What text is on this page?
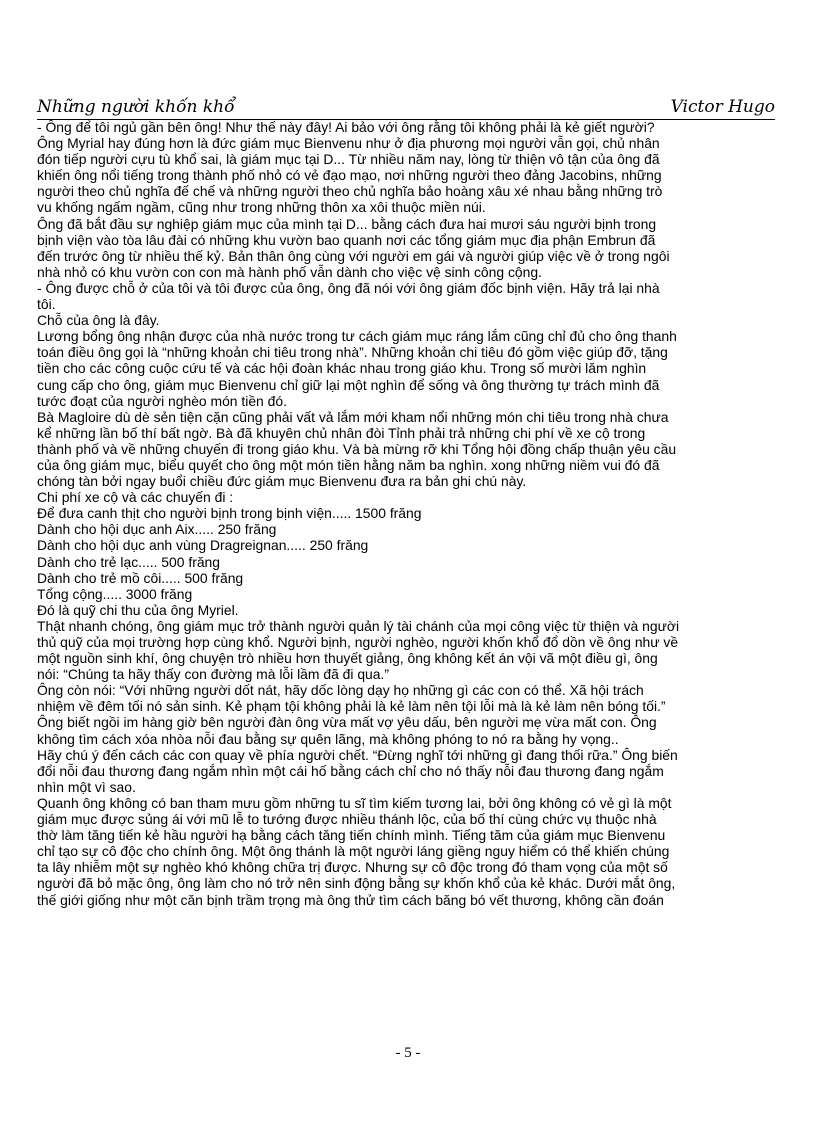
Những người khốn khổ	Victor Hugo

- Ông để tôi ngủ gần bên ông! Như thế này đây! Ai bảo với ông rằng tôi không phải là kẻ giết người?

Ông Myrial hay đúng hơn là đức giám mục Bienvenu như ở địa phương mọi người vẫn gọi, chủ nhân
đón tiếp người cựu tù khổ sai, là giám mục tại D... Từ nhiều năm nay, lòng từ thiện vô tận của ông đã
khiến ông nổi tiếng trong thành phố nhỏ có vẻ đạo mạo, nơi những người theo đảng Jacobins, những
người theo chủ nghĩa đế chế và những người theo chủ nghĩa bảo hoàng xâu xé nhau bằng những trò
vu khống ngấm ngầm, cũng như trong những thôn xa xôi thuộc miền núi.

Ông đã bắt đầu sự nghiệp giám mục của mình tại D... bằng cách đưa hai mươi sáu người bịnh trong
bịnh viện vào tòa lâu đài có những khu vườn bao quanh nơi các tổng giám mục địa phận Embrun đã
đến trước ông từ nhiều thế kỷ. Bản thân ông cùng với người em gái và người giúp việc về ở trong ngôi
nhà nhỏ có khu vườn con con mà hành phố vẫn dành cho việc vệ sinh công cộng.

- Ông được chỗ ở của tôi và tôi được của ông, ông đã nói với ông giám đốc bịnh viện. Hãy trả lại nhà
tôi.

Chỗ của ông là đây.

Lương bổng ông nhận được của nhà nước trong tư cách giám mục ráng lắm cũng chỉ đủ cho ông thanh
toán điều ông gọi là “những khoản chi tiêu trong nhà”. Những khoản chi tiêu đó gồm việc giúp đỡ, tặng
tiền cho các công cuộc cứu tế và các hội đoàn khác nhau trong giáo khu. Trong số mười lăm nghìn
cung cấp cho ông, giám mục Bienvenu chỉ giữ lại một nghìn để sống và ông thường tự trách mình đã
tước đoạt của người nghèo món tiền đó.

Bà Magloire dù dè sẻn tiện cặn cũng phải vất vả lắm mới kham nổi những món chi tiêu trong nhà chưa
kể những lần bố thí bất ngờ. Bà đã khuyên chủ nhân đòi Tỉnh phải trả những chi phí về xe cộ trong
thành phố và về những chuyến đi trong giáo khu. Và bà mừng rỡ khi Tổng hội đồng chấp thuận yêu cầu
của ông giám mục, biểu quyết cho ông một món tiền hằng năm ba nghìn. xong những niềm vui đó đã
chóng tàn bởi ngay buổi chiều đức giám mục Bienvenu đưa ra bản ghi chú này.

Chi phí xe cộ và các chuyến đi :

Để đưa canh thịt cho người bịnh trong bịnh viện..... 1500 frăng

Dành cho hội dục anh Aix..... 250 frăng

Dành cho hội dục anh vùng Dragreignan..... 250 frăng

Dành cho trẻ lạc..... 500 frăng

Dành cho trẻ mồ côi..... 500 frăng

Tổng cộng..... 3000 frăng

Đó là quỹ chi thu của ông Myriel.

Thật nhanh chóng, ông giám mục trở thành người quản lý tài chánh của mọi công việc từ thiện và người
thủ quỹ của mọi trường hợp cùng khổ. Người bịnh, người nghèo, người khốn khổ đổ dồn về ông như về
một nguồn sinh khí, ông chuyện trò nhiều hơn thuyết giảng, ông không kết án vội vã một điều gì, ông
nói: “Chúng ta hãy thấy con đường mà lỗi lầm đã đi qua.”

Ông còn nói: “Với những người dốt nát, hãy dốc lòng dạy họ những gì các con có thể. Xã hội trách
nhiệm về đêm tối nó sản sinh. Kẻ phạm tội không phải là kẻ làm nên tội lỗi mà là kẻ làm nên bóng tối.”
Ông biết ngồi im hàng giờ bên người đàn ông vừa mất vợ yêu dấu, bên người mẹ vừa mất con. Ông
không tìm cách xóa nhòa nỗi đau bằng sự quên lãng, mà không phóng to nó ra bằng hy vọng..

Hãy chú ý đến cách các con quay về phía người chết. “Đừng nghĩ tới những gì đang thối rữa.” Ông biến
đổi nỗi đau thương đang ngắm nhìn một cái hố bằng cách chỉ cho nó thấy nỗi đau thương đang ngắm
nhìn một vì sao.

Quanh ông không có ban tham mưu gồm những tu sĩ tìm kiếm tương lai, bởi ông không có vẻ gì là một
giám mục được sủng ái với mũ lễ to tướng được nhiều thánh lộc, của bố thí cùng chức vụ thuộc nhà
thờ làm tăng tiến kẻ hầu người hạ bằng cách tăng tiến chính mình. Tiếng tăm của giám mục Bienvenu
chỉ tạo sự cô độc cho chính ông. Một ông thánh là một người láng giềng nguy hiểm có thể khiến chúng
ta lây nhiễm một sự nghèo khó không chữa trị được. Nhưng sự cô độc trong đó tham vọng của một số
người đã bỏ mặc ông, ông làm cho nó trở nên sinh động bằng sự khốn khổ của kẻ khác. Dưới mắt ông,
thế giới giống như một căn bịnh trầm trọng mà ông thử tìm cách băng bó vết thương, không cần đoán

- 5 -
